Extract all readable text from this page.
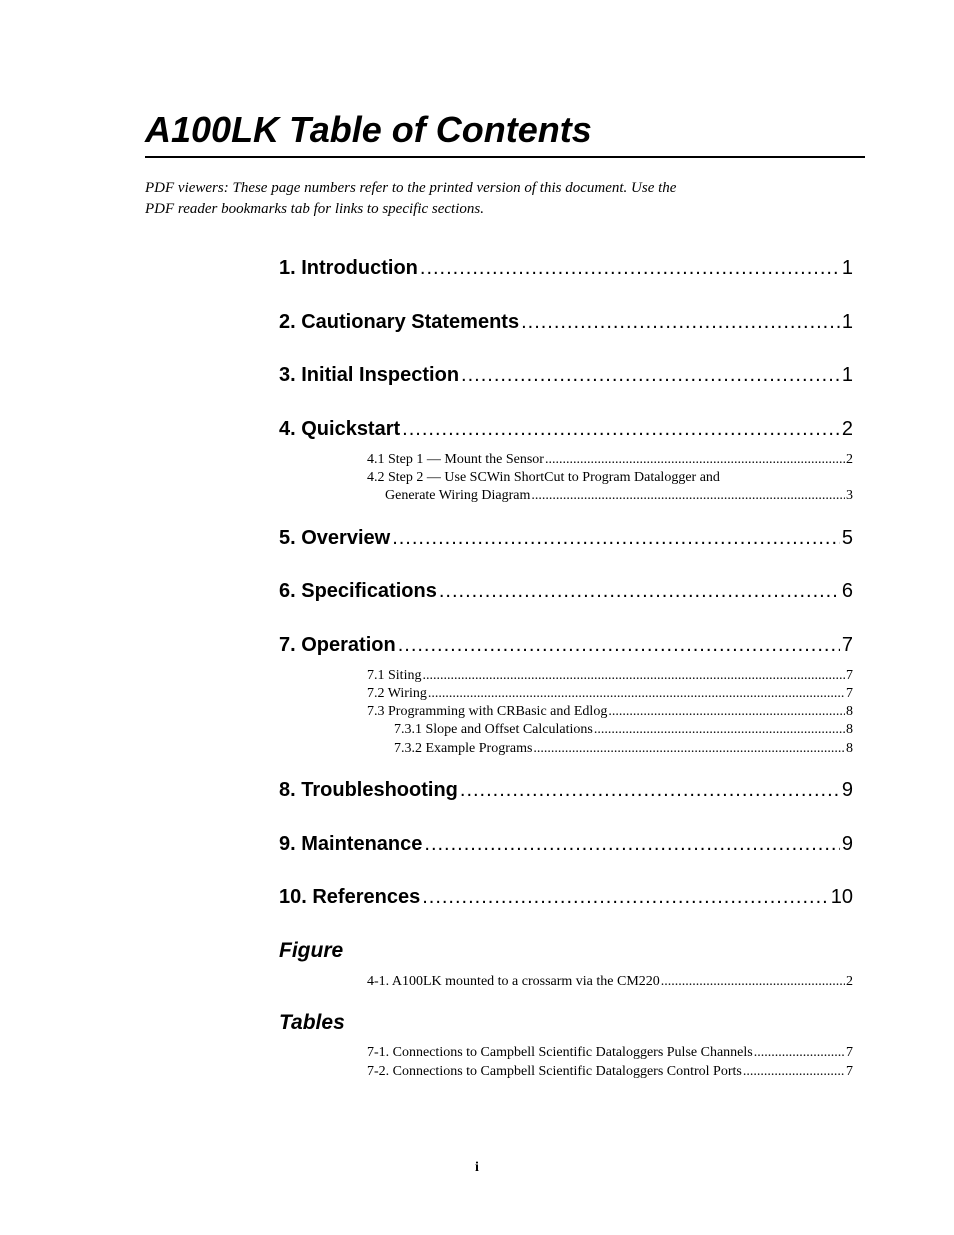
A100LK Table of Contents
PDF viewers: These page numbers refer to the printed version of this document. Use the
PDF reader bookmarks tab for links to specific sections.
1. Introduction .....	1
2. Cautionary Statements .....	1
3. Initial Inspection .....	1
4. Quickstart .....	2
4.1 Step 1 — Mount the Sensor .....	2
4.2 Step 2 — Use SCWin ShortCut to Program Datalogger and
Generate Wiring Diagram .....	3
5. Overview .....	5
6. Specifications .....	6
7. Operation .....	7
7.1 Siting .....	7
7.2 Wiring .....	7
7.3 Programming with CRBasic and Edlog .....	8
7.3.1 Slope and Offset Calculations .....	8
7.3.2 Example Programs .....	8
8. Troubleshooting .....	9
9. Maintenance .....	9
10. References .....	10
Figure
4-1. A100LK mounted to a crossarm via the CM220 .....	2
Tables
7-1. Connections to Campbell Scientific Dataloggers Pulse Channels .....	7
7-2. Connections to Campbell Scientific Dataloggers Control Ports .....	7
i
